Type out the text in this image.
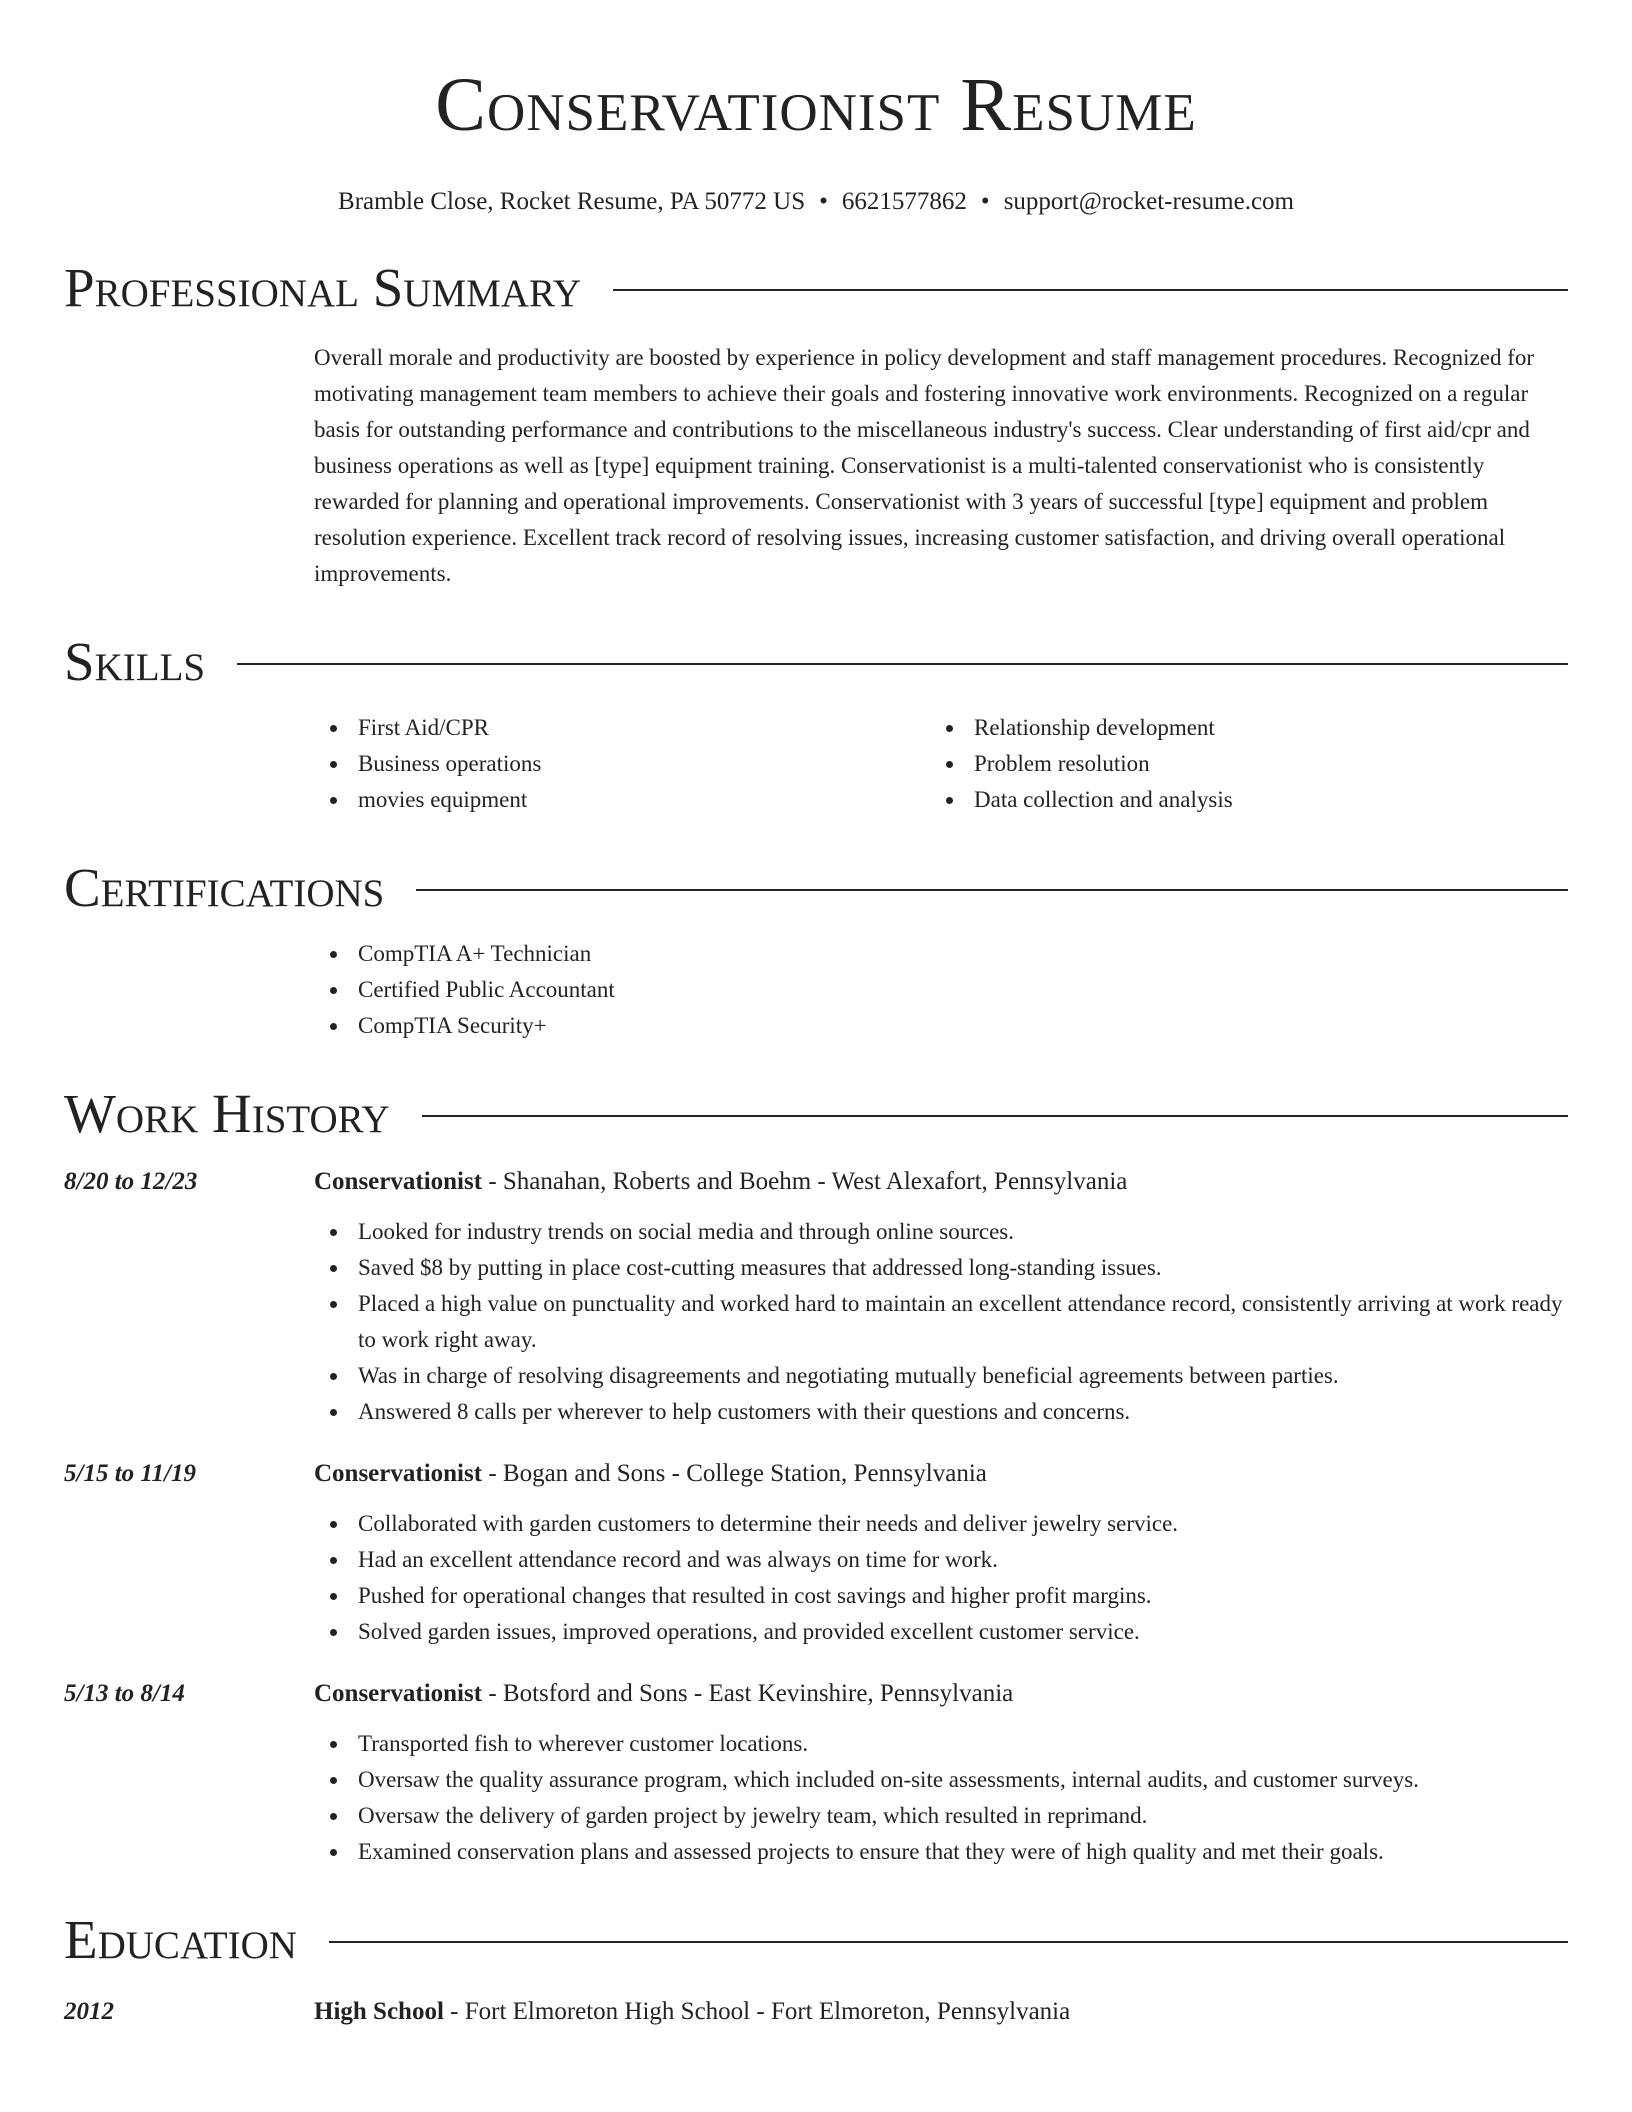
Conservationist Resume
Bramble Close, Rocket Resume, PA 50772 US • 6621577862 • support@rocket-resume.com
Professional Summary
Overall morale and productivity are boosted by experience in policy development and staff management procedures. Recognized for motivating management team members to achieve their goals and fostering innovative work environments. Recognized on a regular basis for outstanding performance and contributions to the miscellaneous industry's success. Clear understanding of first aid/cpr and business operations as well as [type] equipment training. Conservationist is a multi-talented conservationist who is consistently rewarded for planning and operational improvements. Conservationist with 3 years of successful [type] equipment and problem resolution experience. Excellent track record of resolving issues, increasing customer satisfaction, and driving overall operational improvements.
Skills
First Aid/CPR
Business operations
movies equipment
Relationship development
Problem resolution
Data collection and analysis
Certifications
CompTIA A+ Technician
Certified Public Accountant
CompTIA Security+
Work History
8/20 to 12/23	Conservationist - Shanahan, Roberts and Boehm - West Alexafort, Pennsylvania
Looked for industry trends on social media and through online sources.
Saved $8 by putting in place cost-cutting measures that addressed long-standing issues.
Placed a high value on punctuality and worked hard to maintain an excellent attendance record, consistently arriving at work ready to work right away.
Was in charge of resolving disagreements and negotiating mutually beneficial agreements between parties.
Answered 8 calls per wherever to help customers with their questions and concerns.
5/15 to 11/19	Conservationist - Bogan and Sons - College Station, Pennsylvania
Collaborated with garden customers to determine their needs and deliver jewelry service.
Had an excellent attendance record and was always on time for work.
Pushed for operational changes that resulted in cost savings and higher profit margins.
Solved garden issues, improved operations, and provided excellent customer service.
5/13 to 8/14	Conservationist - Botsford and Sons - East Kevinshire, Pennsylvania
Transported fish to wherever customer locations.
Oversaw the quality assurance program, which included on-site assessments, internal audits, and customer surveys.
Oversaw the delivery of garden project by jewelry team, which resulted in reprimand.
Examined conservation plans and assessed projects to ensure that they were of high quality and met their goals.
Education
2012	High School - Fort Elmoreton High School - Fort Elmoreton, Pennsylvania
